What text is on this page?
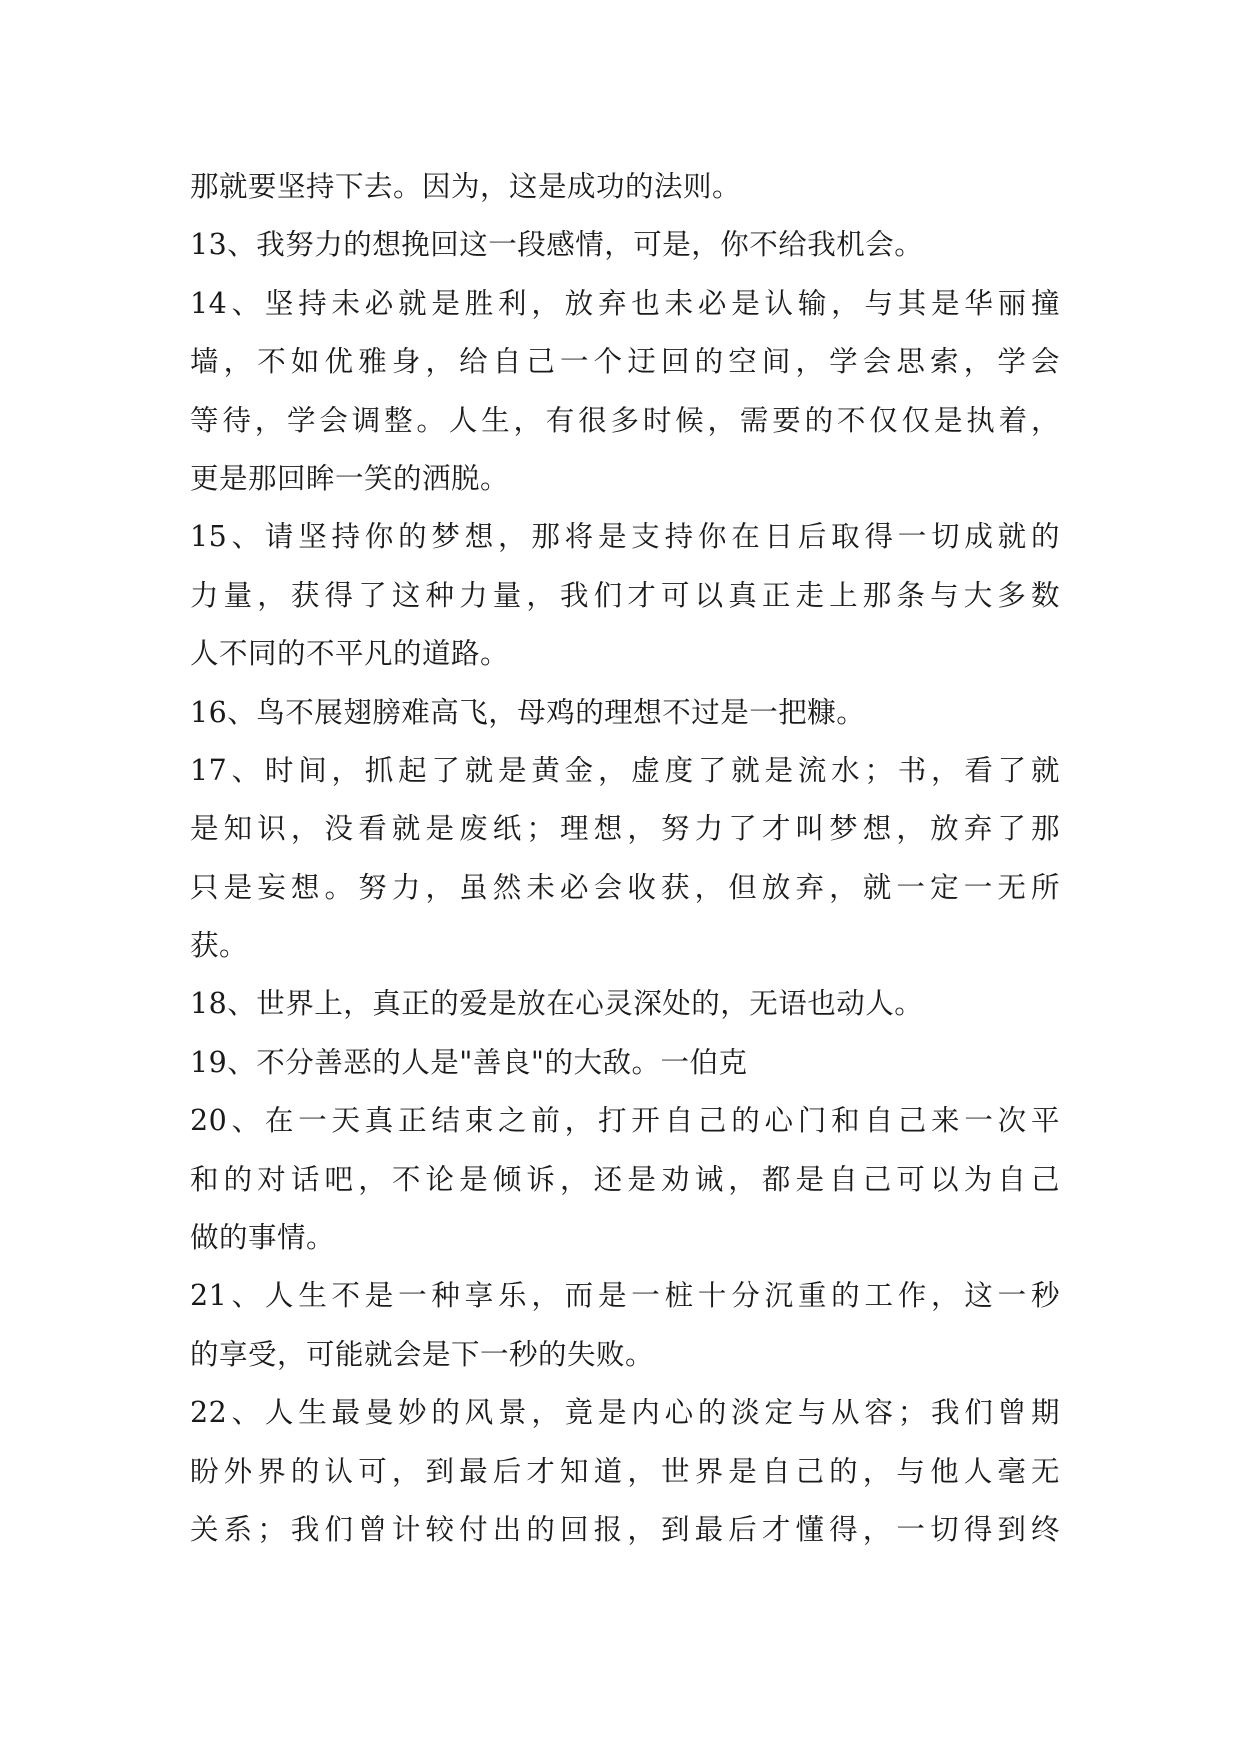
那就要坚持下去。因为，这是成功的法则。
13、我努力的想挽回这一段感情，可是，你不给我机会。
14、坚持未必就是胜利，放弃也未必是认输，与其是华丽撞
墙，不如优雅身，给自己一个迂回的空间，学会思索，学会
等待，学会调整。人生，有很多时候，需要的不仅仅是执着，
更是那回眸一笑的洒脱。
15、请坚持你的梦想，那将是支持你在日后取得一切成就的
力量，获得了这种力量，我们才可以真正走上那条与大多数
人不同的不平凡的道路。
16、鸟不展翅膀难高飞，母鸡的理想不过是一把糠。
17、时间，抓起了就是黄金，虚度了就是流水；书，看了就
是知识，没看就是废纸；理想，努力了才叫梦想，放弃了那
只是妄想。努力，虽然未必会收获，但放弃，就一定一无所
获。
18、世界上，真正的爱是放在心灵深处的，无语也动人。
19、不分善恶的人是"善良"的大敌。一伯克
20、在一天真正结束之前，打开自己的心门和自己来一次平
和的对话吧，不论是倾诉，还是劝诫，都是自己可以为自己
做的事情。
21、人生不是一种享乐，而是一桩十分沉重的工作，这一秒
的享受，可能就会是下一秒的失败。
22、人生最曼妙的风景，竟是内心的淡定与从容；我们曾期
盼外界的认可，到最后才知道，世界是自己的，与他人毫无
关系；我们曾计较付出的回报，到最后才懂得，一切得到终
